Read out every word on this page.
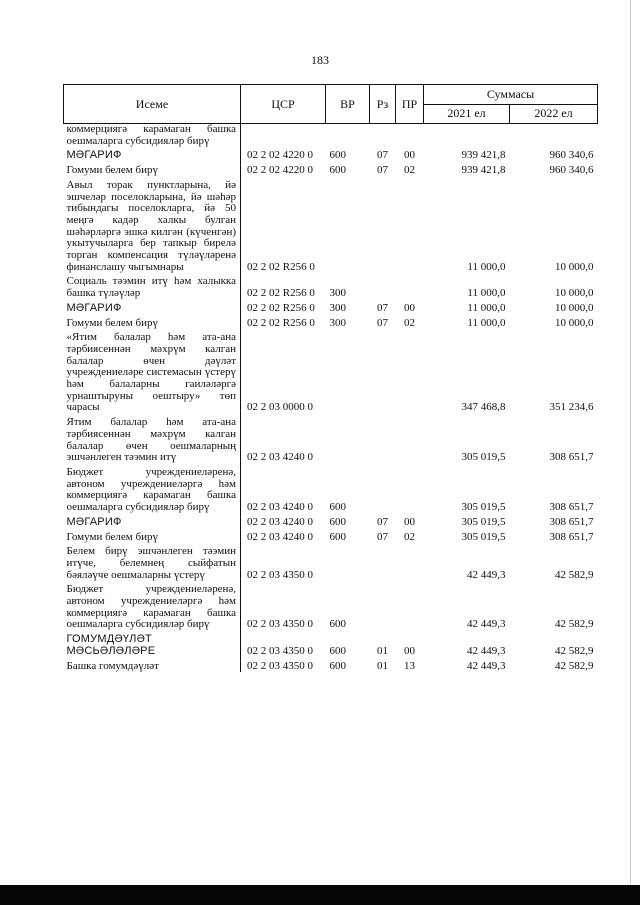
183
Исеме	ЦСР	ВР	Рз	ПР	Суммасы	
					2021 ел	2022 ел
коммерциягә карамаган башка оешмаларга субсидияләр бирү						
МӘГАРИФ	02 2 02 4220 0	600	07	00	939 421,8	960 340,6
Гомуми белем бирү	02 2 02 4220 0	600	07	02	939 421,8	960 340,6
Авыл торак пунктларына, йә эшчеләр поселокларына, йә шәһәр тибындагы поселокларга, йә 50 меңгә кадәр халкы булган шәһәрләргә эшкә килгән (күченгән) укытучыларга бер тапкыр бирелә торган компенсация түләүләренә финанслашу чыгымнары	02 2 02 R256 0				11 000,0	10 000,0
Социаль тәэмин итү һәм халыкка башка түләүләр	02 2 02 R256 0	300			11 000,0	10 000,0
МӘГАРИФ	02 2 02 R256 0	300	07	00	11 000,0	10 000,0
Гомуми белем бирү	02 2 02 R256 0	300	07	02	11 000,0	10 000,0
«Ятим балалар һәм ата-ана тәрбиясеннән мәхрүм калган балалар өчен дәүләт учреждениеләре системасын үстерү һәм балаларны гаиләләргә урнаштыруны оештыру» төп чарасы	02 2 03 0000 0				347 468,8	351 234,6
Ятим балалар һәм ата-ана тәрбиясеннән мәхрүм калган балалар өчен оешмаларның эшчәнлеген тәэмин итү	02 2 03 4240 0				305 019,5	308 651,7
Бюджет учреждениеләренә, автоном учреждениеләргә һәм коммерциягә карамаган башка оешмаларга субсидияләр бирү	02 2 03 4240 0	600			305 019,5	308 651,7
МӘГАРИФ	02 2 03 4240 0	600	07	00	305 019,5	308 651,7
Гомуми белем бирү	02 2 03 4240 0	600	07	02	305 019,5	308 651,7
Белем бирү эшчәнлеген тәэмин итүче, белемнең сыйфатын бәяләүче оешмаларны үстерү	02 2 03 4350 0				42 449,3	42 582,9
Бюджет учреждениеләренә, автоном учреждениеләргә һәм коммерциягә карамаган башка оешмаларга субсидияләр бирү	02 2 03 4350 0	600			42 449,3	42 582,9
ГОМУМДӘҮЛӘТ МӘСЬӘЛӘЛӘРЕ	02 2 03 4350 0	600	01	00	42 449,3	42 582,9
Башка гомумдәүләт	02 2 03 4350 0	600	01	13	42 449,3	42 582,9
